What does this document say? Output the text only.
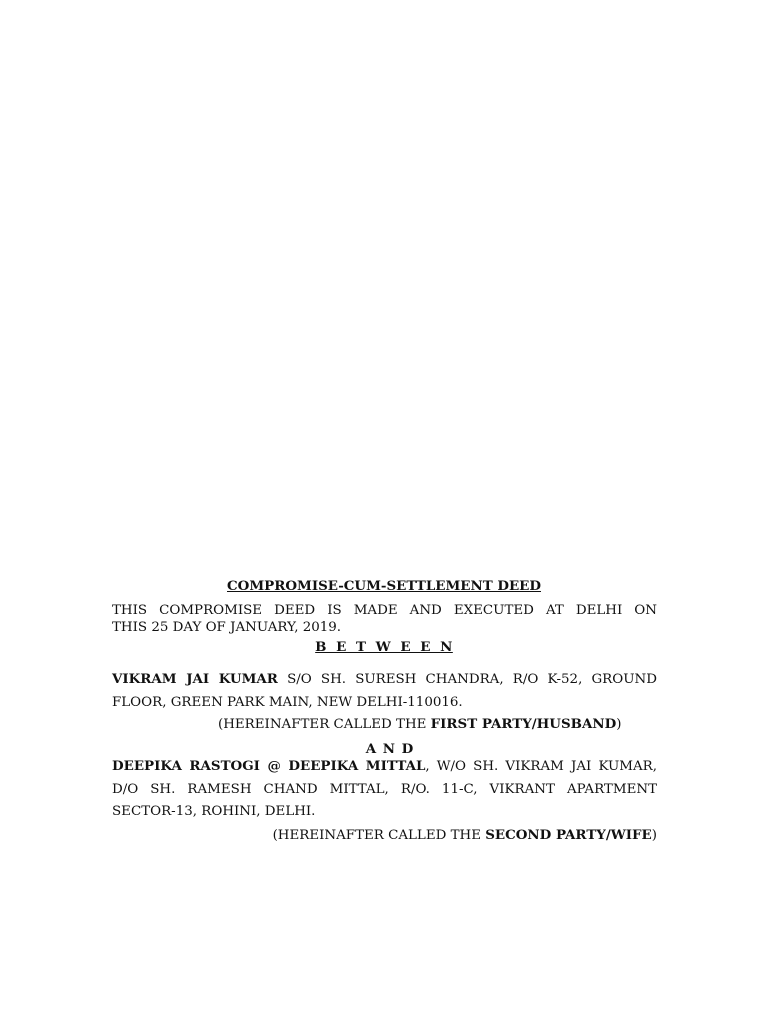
COMPROMISE-CUM-SETTLEMENT DEED
THIS COMPROMISE DEED IS MADE AND EXECUTED AT DELHI ON
THIS 25 DAY OF JANUARY, 2019.
B E T W E E N
VIKRAM JAI KUMAR S/O SH. SURESH CHANDRA, R/O K-52, GROUND
FLOOR, GREEN PARK MAIN, NEW DELHI-110016.
(HEREINAFTER CALLED THE FIRST PARTY/HUSBAND)
A N D
DEEPIKA RASTOGI @ DEEPIKA MITTAL, W/O SH. VIKRAM JAI KUMAR,
D/O SH. RAMESH CHAND MITTAL, R/O. 11-C, VIKRANT APARTMENT
SECTOR-13, ROHINI, DELHI.
(HEREINAFTER CALLED THE SECOND PARTY/WIFE)
